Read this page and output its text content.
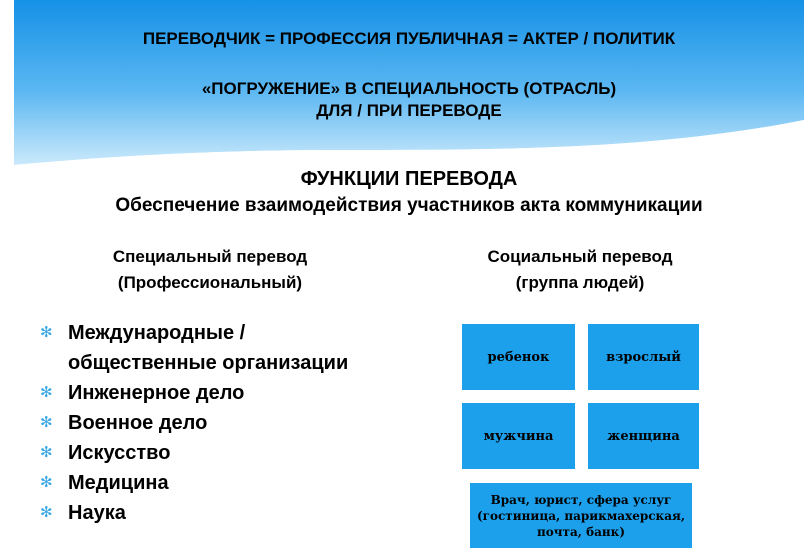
ПЕРЕВОДЧИК = ПРОФЕССИЯ ПУБЛИЧНАЯ = АКТЕР / ПОЛИТИК
«ПОГРУЖЕНИЕ» В СПЕЦИАЛЬНОСТЬ (ОТРАСЛЬ)
ДЛЯ / ПРИ ПЕРЕВОДЕ
ФУНКЦИИ ПЕРЕВОДА
Обеспечение взаимодействия участников акта коммуникации
Специальный перевод
(Профессиональный)
Социальный перевод
(группа людей)
✻ Международные /
общественные организации
✻ Инженерное дело
✻ Военное дело
✻ Искусство
✻ Медицина
✻ Наука
ребенок	взрослый
мужчина	женщина
Врач, юрист, сфера услуг
(гостиница, парикмахерская,
почта, банк)
